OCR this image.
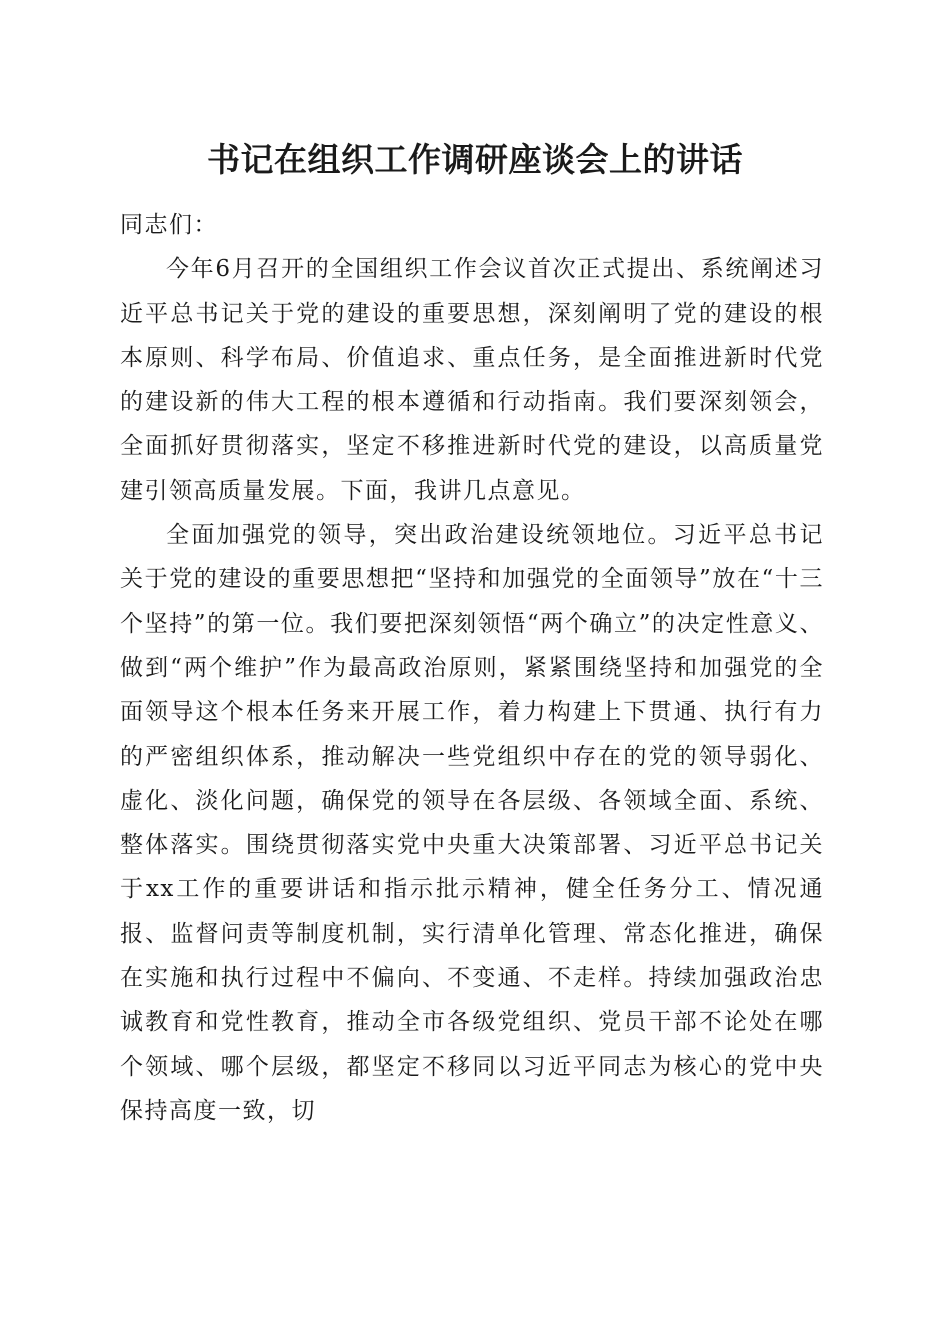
书记在组织工作调研座谈会上的讲话

同志们：

今年6月召开的全国组织工作会议首次正式提出、系统阐述习近平总书记关于党的建设的重要思想，深刻阐明了党的建设的根本原则、科学布局、价值追求、重点任务，是全面推进新时代党的建设新的伟大工程的根本遵循和行动指南。我们要深刻领会，全面抓好贯彻落实，坚定不移推进新时代党的建设，以高质量党建引领高质量发展。下面，我讲几点意见。

全面加强党的领导，突出政治建设统领地位。习近平总书记关于党的建设的重要思想把“坚持和加强党的全面领导”放在“十三个坚持”的第一位。我们要把深刻领悟“两个确立”的决定性意义、做到“两个维护”作为最高政治原则，紧紧围绕坚持和加强党的全面领导这个根本任务来开展工作，着力构建上下贯通、执行有力的严密组织体系，推动解决一些党组织中存在的党的领导弱化、虚化、淡化问题，确保党的领导在各层级、各领域全面、系统、整体落实。围绕贯彻落实党中央重大决策部署、习近平总书记关于xx工作的重要讲话和指示批示精神，健全任务分工、情况通报、监督问责等制度机制，实行清单化管理、常态化推进，确保在实施和执行过程中不偏向、不变通、不走样。持续加强政治忠诚教育和党性教育，推动全市各级党组织、党员干部不论处在哪个领域、哪个层级，都坚定不移同以习近平同志为核心的党中央保持高度一致，切
